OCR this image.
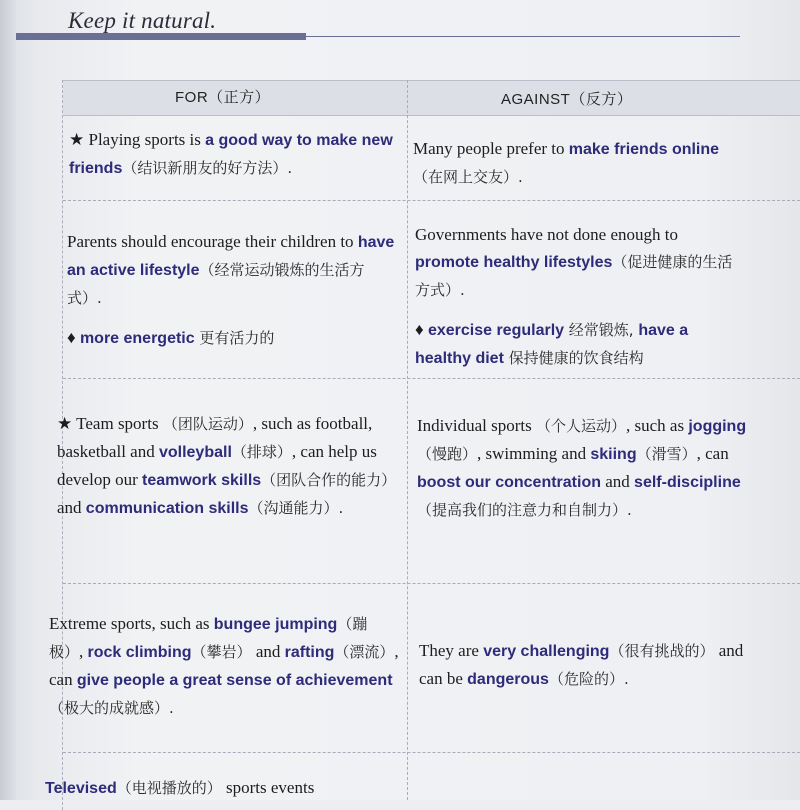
Keep it natural.
FOR（正方）	AGAINST（反方）
★ Playing sports is a good way to make new friends（结识新朋友的好方法）.
Many people prefer to make friends online（在网上交友）.
Parents should encourage their children to have an active lifestyle（经常运动锻炼的生活方式）.
♦ more energetic 更有活力的
Governments have not done enough to promote healthy lifestyles（促进健康的生活方式）.
♦ exercise regularly 经常锻炼, have a healthy diet 保持健康的饮食结构
★ Team sports （团队运动）, such as football, basketball and volleyball（排球）, can help us develop our teamwork skills（团队合作的能力） and communication skills（沟通能力）.
Individual sports （个人运动）, such as jogging（慢跑）, swimming and skiing（滑雪）, can boost our concentration and self-discipline（提高我们的注意力和自制力）.
Extreme sports, such as bungee jumping（蹦极）, rock climbing（攀岩） and rafting（漂流）, can give people a great sense of achievement（极大的成就感）.
They are very challenging（很有挑战的） and can be dangerous（危险的）.
Televised（电视播放的） sports events
